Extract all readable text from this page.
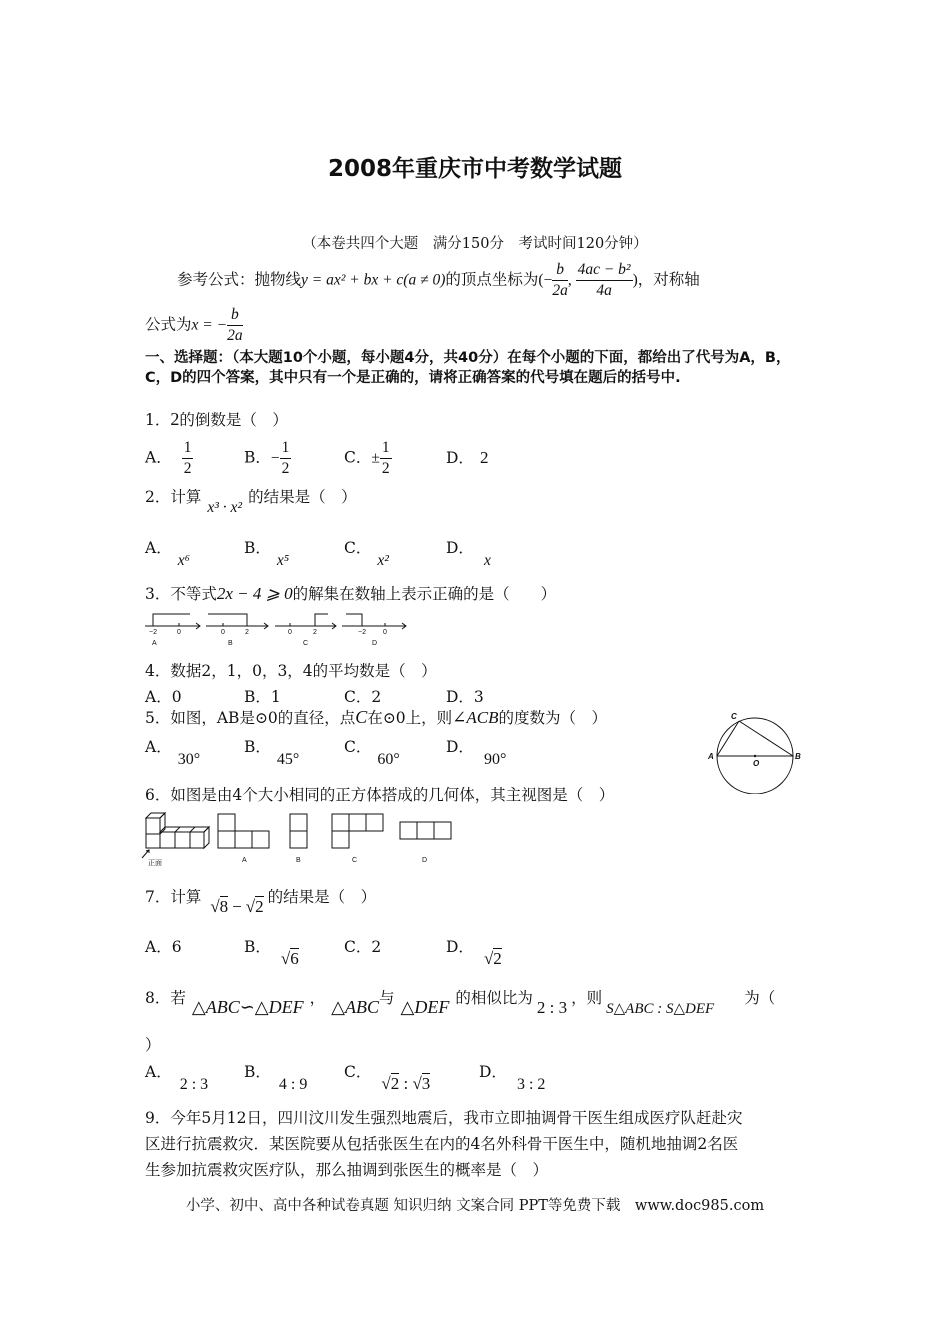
2008年重庆市中考数学试题
（本卷共四个大题　满分150分　考试时间120分钟）
参考公式：抛物线y = ax² + bx + c(a ≠ 0)的顶点坐标为(− $\frac{b}{2a}$ , $\frac{\text{4ac − b²}}{4a}$ )，对称轴
公式为x = − $\frac{b}{2a}$
一、选择题：（本大题10个小题，每小题4分，共40分）在每个小题的下面，都给出了代号为A，B，C，D的四个答案，其中只有一个是正确的，请将正确答案的代号填在题后的括号中.
1．2的倒数是（　）
A． $\frac{1}{2}$	B．− $\frac{1}{2}$	C．± $\frac{1}{2}$	D． 2
2．计算x³ · x²的结果是（　）
A．x⁶
B．x⁵
C．x²
D．x
3．不等式2x − 4 ⩾ 0的解集在数轴上表示正确的是（　　）
−2	0	0	2	0	2	−2 0
A	B	C	D
4．数据2，1，0，3，4的平均数是（　）
A．0	B．1	C．2	D．3
5．如图，AB是⊙0的直径，点C在⊙0上，则∠ACB的度数为（　）
A．30°
B．45°
C．60°
D．90°	A	B
C
O
6．如图是由4个大小相同的正方体搭成的几何体，其主视图是（　）
正面	A	B	C	D
7．计算 √8 − √2 的结果是（　）
A．6	B．√6
C．2	D．√2
8．若 △ABC∽△DEF ， △ABC与 △DEF 的相似比为 2 : 3 ，则S△ABC : S△DEF为（
）
A．2 : 3
B．4 : 9
C．√2 : √3
D．3 : 2
9．今年5月12日，四川汶川发生强烈地震后，我市立即抽调骨干医生组成医疗队赶赴灾
区进行抗震救灾．某医院要从包括张医生在内的4名外科骨干医生中，随机地抽调2名医
生参加抗震救灾医疗队，那么抽调到张医生的概率是（　）
小学、初中、高中各种试卷真题 知识归纳 文案合同 PPT等免费下载　www.doc985.com
